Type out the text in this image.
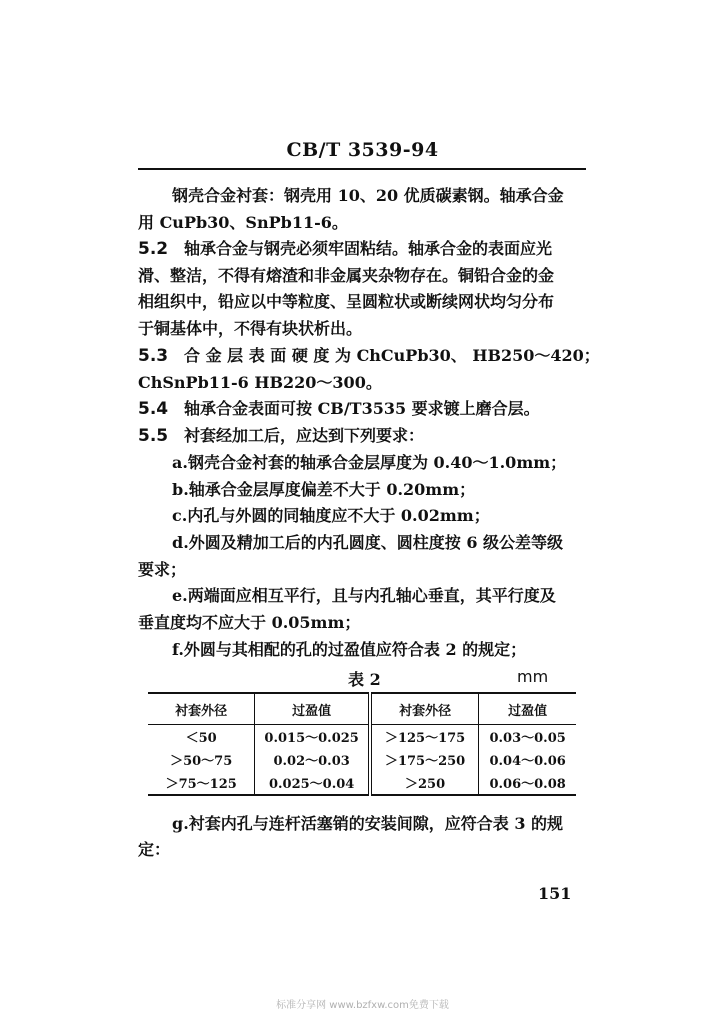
CB/T 3539-94
钢壳合金衬套：钢壳用 10、20 优质碳素钢。轴承合金
用 CuPb30、SnPb11-6。
5.2 轴承合金与钢壳必须牢固粘结。轴承合金的表面应光
滑、整洁，不得有熔渣和非金属夹杂物存在。铜铅合金的金
相组织中，铅应以中等粒度、呈圆粒状或断续网状均匀分布
于铜基体中，不得有块状析出。
5.3 合 金 层 表 面 硬 度 为 ChCuPb30、 HB250～420；
ChSnPb11-6 HB220～300。
5.4 轴承合金表面可按 CB/T3535 要求镀上磨合层。
5.5 衬套经加工后，应达到下列要求：
a.钢壳合金衬套的轴承合金层厚度为 0.40～1.0mm；
b.轴承合金层厚度偏差不大于 0.20mm；
c.内孔与外圆的同轴度应不大于 0.02mm；
d.外圆及精加工后的内孔圆度、圆柱度按 6 级公差等级
要求；
e.两端面应相互平行，且与内孔轴心垂直，其平行度及
垂直度均不应大于 0.05mm；
f.外圆与其相配的孔的过盈值应符合表 2 的规定；
表 2	mm
衬套外径	过盈值	衬套外径	过盈值
＜50	0.015～0.025	＞125～175	0.03～0.05
＞50～75	0.02～0.03	＞175～250	0.04～0.06
＞75～125	0.025～0.04	＞250	0.06～0.08
g.衬套内孔与连杆活塞销的安装间隙，应符合表 3 的规
定：
151
标准分享网 www.bzfxw.com免费下载
